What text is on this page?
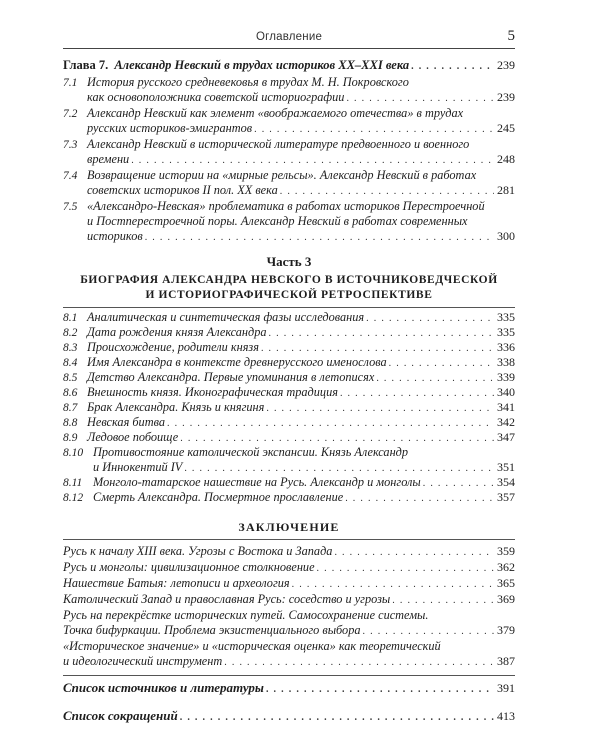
Оглавление	5
Глава 7. Александр Невский в трудах историков XX–XXI века . . .	239
7.1 История русского средневековья в трудах М. Н. Покровского
как основоположника советской историографии . . .	239
7.2 Александр Невский как элемент «воображаемого отечества» в трудах
русских историков-эмигрантов . . .	245
7.3 Александр Невский в исторической литературе предвоенного и военного
времени . . .	248
7.4 Возвращение истории на «мирные рельсы». Александр Невский в работах
советских историков II пол. XX века . . .	281
7.5 «Александро-Невская» проблематика в работах историков Перестроечной
и Постперестроечной поры. Александр Невский в работах современных
историков . . .	300
Часть 3
БИОГРАФИЯ АЛЕКСАНДРА НЕВСКОГО В ИСТОЧНИКОВЕДЧЕСКОЙ
И ИСТОРИОГРАФИЧЕСКОЙ РЕТРОСПЕКТИВЕ
8.1 Аналитическая и синтетическая фазы исследования . . .	335
8.2 Дата рождения князя Александра . . .	335
8.3 Происхождение, родители князя . . .	336
8.4 Имя Александра в контексте древнерусского именослова . . .	338
8.5 Детство Александра. Первые упоминания в летописях . . .	339
8.6 Внешность князя. Иконографическая традиция . . .	340
8.7 Брак Александра. Князь и княгиня . . .	341
8.8 Невская битва . . .	342
8.9 Ледовое побоище . . .	347
8.10 Противостояние католической экспансии. Князь Александр
и Иннокентий IV . . .	351
8.11 Монголо-татарское нашествие на Русь. Александр и монголы . . .	354
8.12 Смерть Александра. Посмертное прославление . . .	357
ЗАКЛЮЧЕНИЕ
Русь к началу XIII века. Угрозы с Востока и Запада . . .	359
Русь и монголы: цивилизационное столкновение . . .	362
Нашествие Батыя: летописи и археология . . .	365
Католический Запад и православная Русь: соседство и угрозы . . .	369
Русь на перекрёстке исторических путей. Самосохранение системы.
Точка бифуркации. Проблема экзистенциального выбора . . .	379
«Историческое значение» и «историческая оценка» как теоретический
и идеологический инструмент . . .	387
Список источников и литературы . . .	391
Список сокращений . . .	413
